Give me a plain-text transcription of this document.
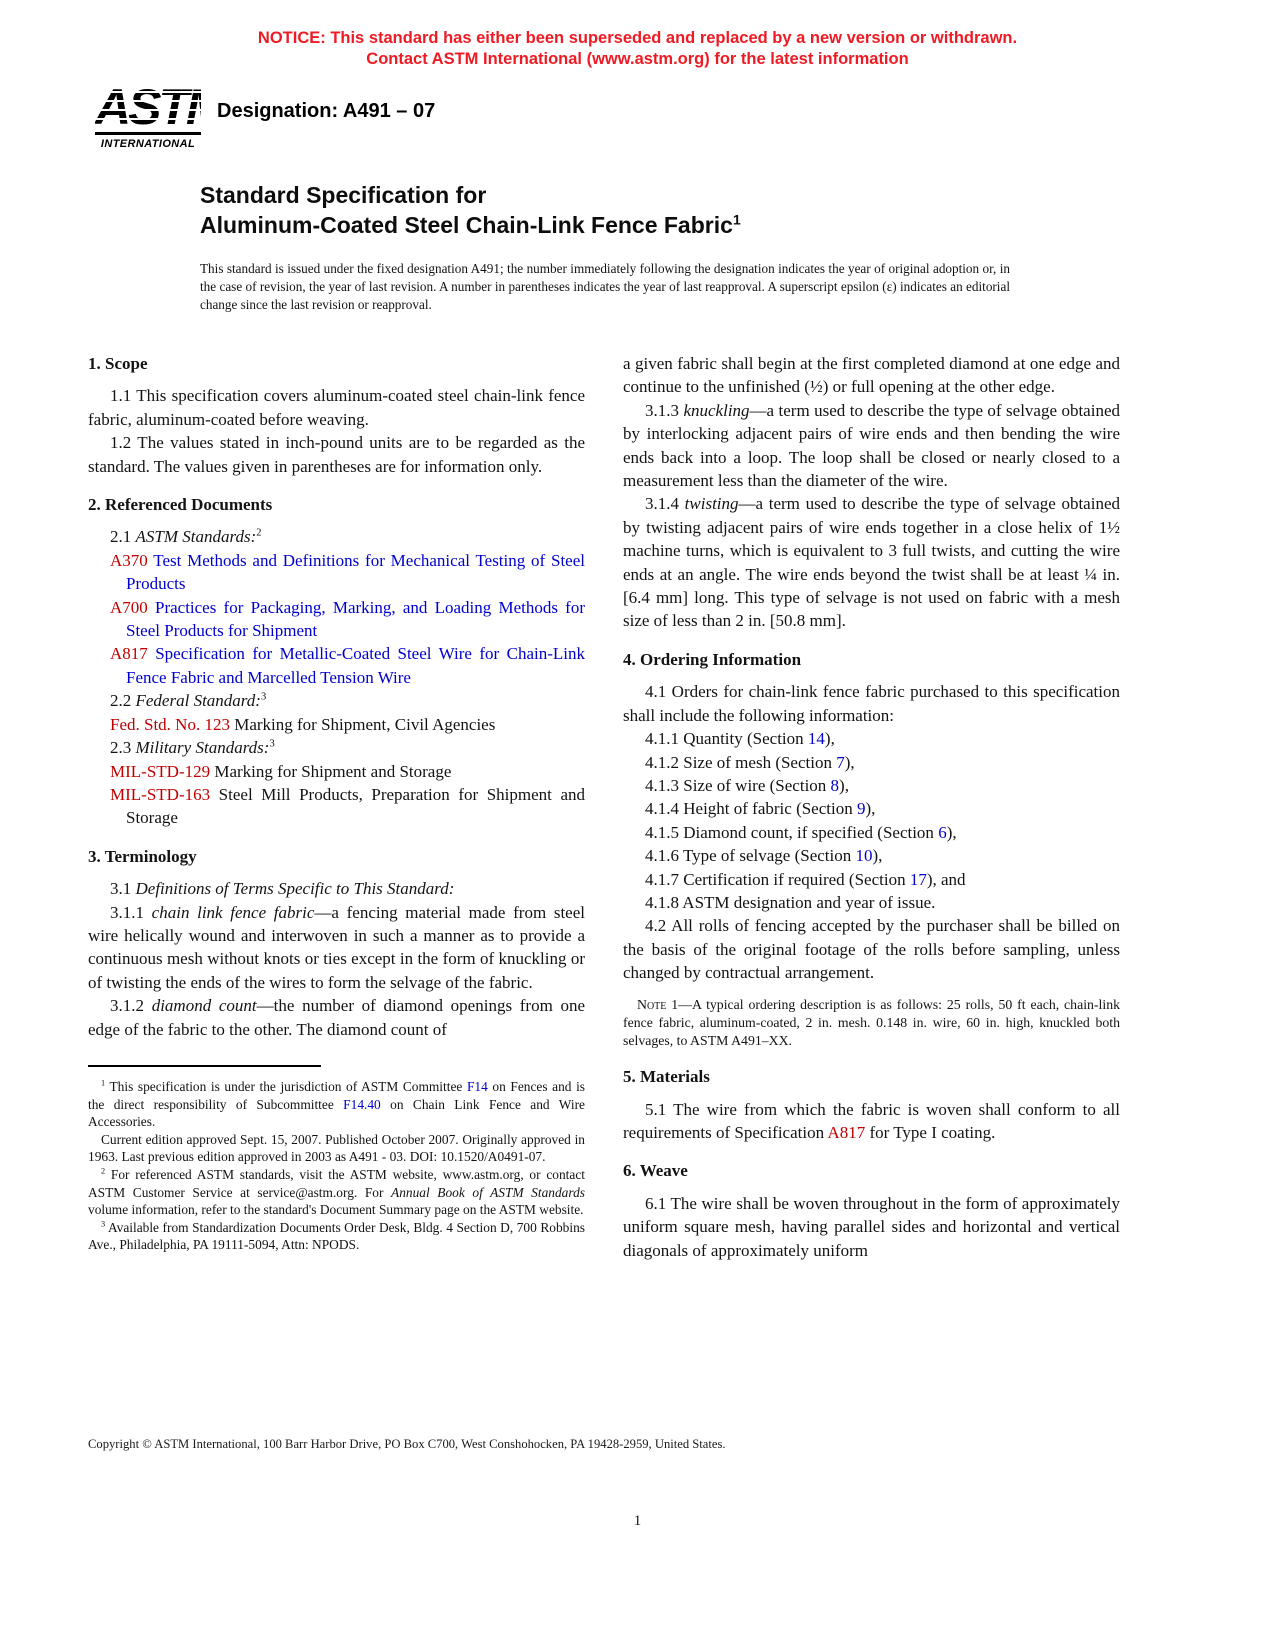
NOTICE: This standard has either been superseded and replaced by a new version or withdrawn.
Contact ASTM International (www.astm.org) for the latest information
ASTM
INTERNATIONAL
Designation: A491 – 07
Standard Specification for
Aluminum-Coated Steel Chain-Link Fence Fabric$^1$
This standard is issued under the fixed designation A491; the number immediately following the designation indicates the year of original adoption or, in the case of revision, the year of last revision. A number in parentheses indicates the year of last reapproval. A superscript epsilon (ε) indicates an editorial change since the last revision or reapproval.
1. Scope

1.1 This specification covers aluminum-coated steel chain-link fence fabric, aluminum-coated before weaving.

1.2 The values stated in inch-pound units are to be regarded as the standard. The values given in parentheses are for information only.

2. Referenced Documents

2.1 ASTM Standards:$^2$

A370 Test Methods and Definitions for Mechanical Testing of Steel Products

A700 Practices for Packaging, Marking, and Loading Methods for Steel Products for Shipment

A817 Specification for Metallic-Coated Steel Wire for Chain-Link Fence Fabric and Marcelled Tension Wire

2.2 Federal Standard:$^3$

Fed. Std. No. 123 Marking for Shipment, Civil Agencies

2.3 Military Standards:$^3$

MIL-STD-129 Marking for Shipment and Storage

MIL-STD-163 Steel Mill Products, Preparation for Shipment and Storage

3. Terminology

3.1 Definitions of Terms Specific to This Standard:

3.1.1 chain link fence fabric—a fencing material made from steel wire helically wound and interwoven in such a manner as to provide a continuous mesh without knots or ties except in the form of knuckling or of twisting the ends of the wires to form the selvage of the fabric.

3.1.2 diamond count—the number of diamond openings from one edge of the fabric to the other. The diamond count of

$^1$ This specification is under the jurisdiction of ASTM Committee F14 on Fences and is the direct responsibility of Subcommittee F14.40 on Chain Link Fence and Wire Accessories.

Current edition approved Sept. 15, 2007. Published October 2007. Originally approved in 1963. Last previous edition approved in 2003 as A491 - 03. DOI: 10.1520/A0491-07.

$^2$ For referenced ASTM standards, visit the ASTM website, www.astm.org, or contact ASTM Customer Service at service@astm.org. For Annual Book of ASTM Standards volume information, refer to the standard's Document Summary page on the ASTM website.

$^3$ Available from Standardization Documents Order Desk, Bldg. 4 Section D, 700 Robbins Ave., Philadelphia, PA 19111-5094, Attn: NPODS.

a given fabric shall begin at the first completed diamond at one edge and continue to the unfinished (½) or full opening at the other edge.

3.1.3 knuckling—a term used to describe the type of selvage obtained by interlocking adjacent pairs of wire ends and then bending the wire ends back into a loop. The loop shall be closed or nearly closed to a measurement less than the diameter of the wire.

3.1.4 twisting—a term used to describe the type of selvage obtained by twisting adjacent pairs of wire ends together in a close helix of 1½ machine turns, which is equivalent to 3 full twists, and cutting the wire ends at an angle. The wire ends beyond the twist shall be at least ¼ in. [6.4 mm] long. This type of selvage is not used on fabric with a mesh size of less than 2 in. [50.8 mm].

4. Ordering Information

4.1 Orders for chain-link fence fabric purchased to this specification shall include the following information:

4.1.1 Quantity (Section 14),

4.1.2 Size of mesh (Section 7),

4.1.3 Size of wire (Section 8),

4.1.4 Height of fabric (Section 9),

4.1.5 Diamond count, if specified (Section 6),

4.1.6 Type of selvage (Section 10),

4.1.7 Certification if required (Section 17), and

4.1.8 ASTM designation and year of issue.

4.2 All rolls of fencing accepted by the purchaser shall be billed on the basis of the original footage of the rolls before sampling, unless changed by contractual arrangement.

Note 1—A typical ordering description is as follows: 25 rolls, 50 ft each, chain-link fence fabric, aluminum-coated, 2 in. mesh. 0.148 in. wire, 60 in. high, knuckled both selvages, to ASTM A491–XX.

5. Materials

5.1 The wire from which the fabric is woven shall conform to all requirements of Specification A817 for Type I coating.

6. Weave

6.1 The wire shall be woven throughout in the form of approximately uniform square mesh, having parallel sides and horizontal and vertical diagonals of approximately uniform

Copyright © ASTM International, 100 Barr Harbor Drive, PO Box C700, West Conshohocken, PA 19428-2959, United States.
1
